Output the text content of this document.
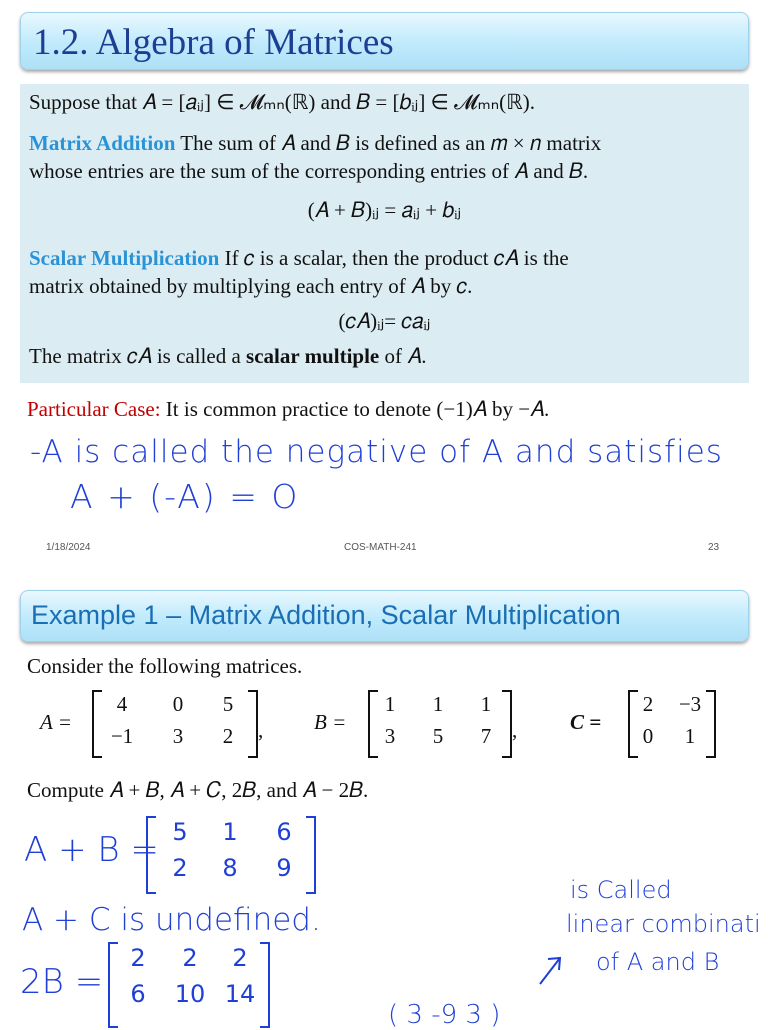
1.2. Algebra of Matrices
Suppose that 𝐴 = [𝑎ᵢⱼ] ∈ 𝓜ₘₙ(ℝ) and 𝐵 = [𝑏ᵢⱼ] ∈ 𝓜ₘₙ(ℝ).
Matrix Addition The sum of 𝐴 and 𝐵 is defined as an 𝑚 × 𝑛 matrix
whose entries are the sum of the corresponding entries of 𝐴 and 𝐵.
(𝐴 + 𝐵)ᵢⱼ = 𝑎ᵢⱼ + 𝑏ᵢⱼ
Scalar Multiplication If 𝑐 is a scalar, then the product 𝑐𝐴 is the
matrix obtained by multiplying each entry of 𝐴 by 𝑐.
(𝑐𝐴)ᵢⱼ= 𝑐𝑎ᵢⱼ
The matrix 𝑐𝐴 is called a scalar multiple of 𝐴.
Particular Case: It is common practice to denote (−1)𝐴 by −𝐴.
-A is called the negative of A and satisfies
A + (-A) = O
1/18/2024	COS-MATH-241	23
Example 1 – Matrix Addition, Scalar Multiplication
Consider the following matrices.
A =
4	0	5
−1	3	2	, B =
1	1	1
3	5	7 ,	C =
2	−3
0	1
Compute 𝐴 + 𝐵, 𝐴 + 𝐶, 2𝐵, and 𝐴 − 2𝐵.
A + B = 5	1	6
2	8	9
A + C is undefined.
2B =
2	2	2
6	10 14
is Called
linear combinati
of A and B
( 3 -9 3 )
